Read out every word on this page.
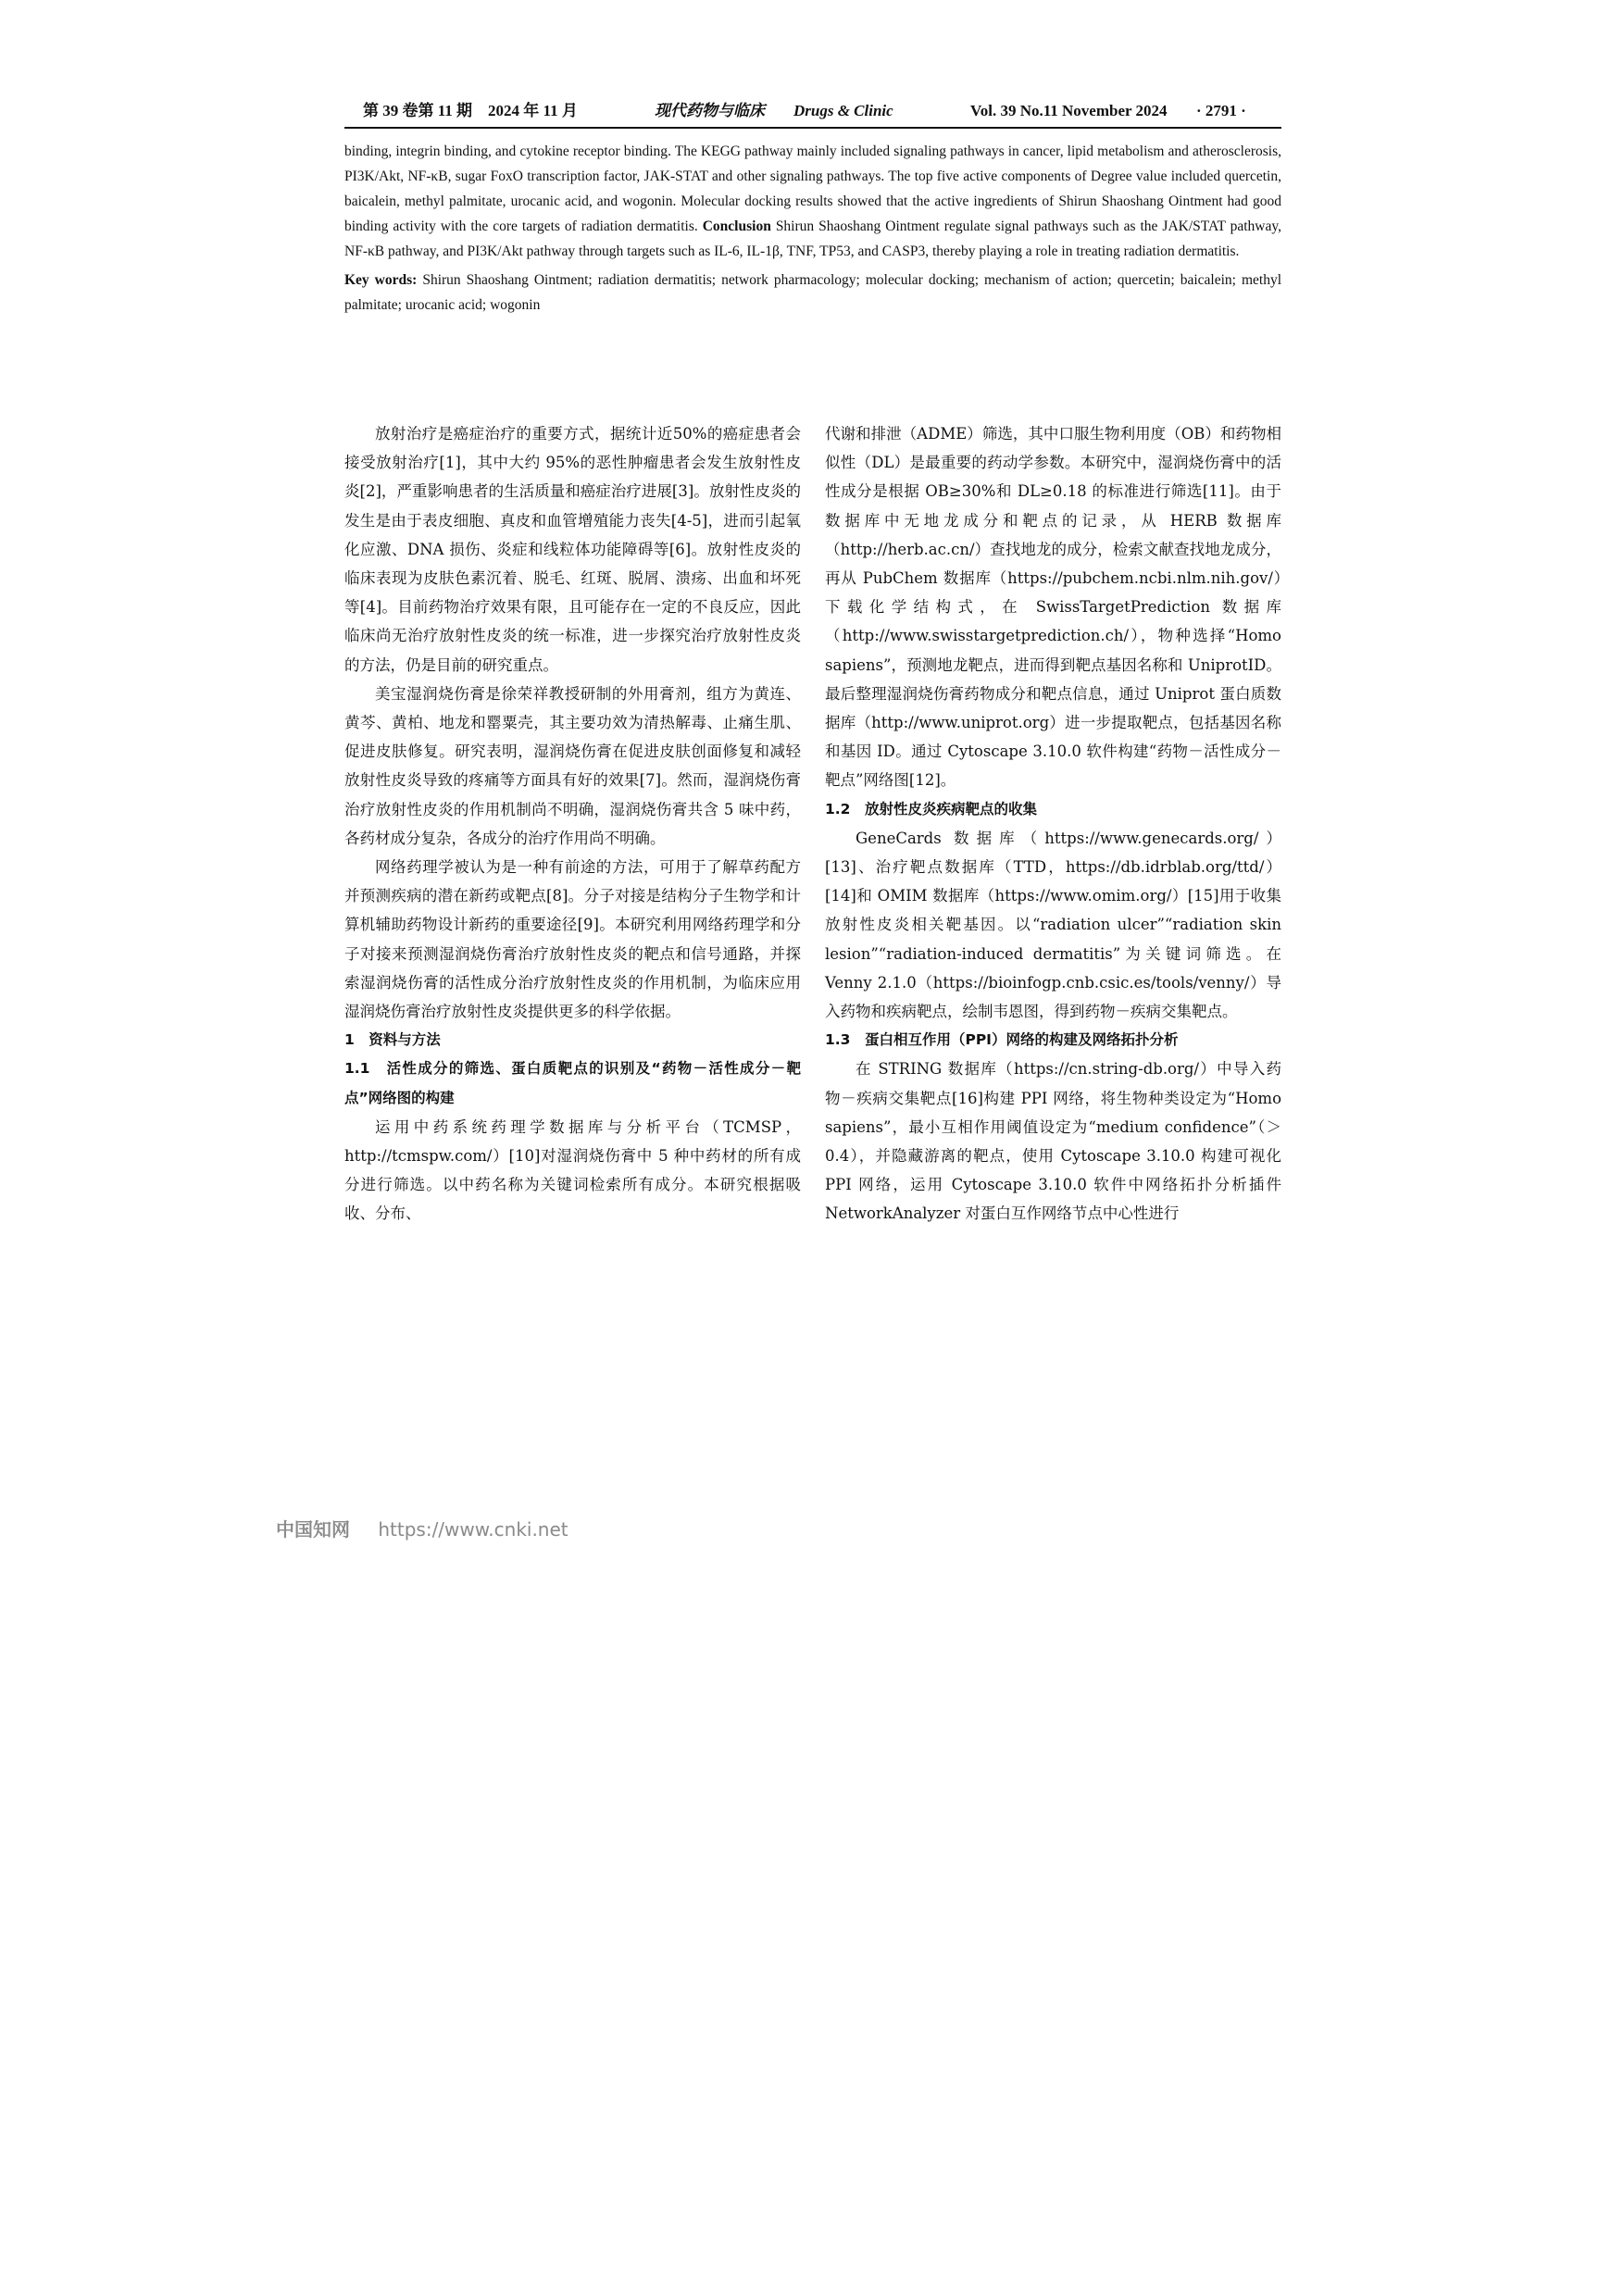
第 39 卷第 11 期　2024 年 11 月	现代药物与临床 Drugs & Clinic	Vol. 39 No.11 November 2024 · 2791 ·

binding, integrin binding, and cytokine receptor binding. The KEGG pathway mainly included signaling pathways in cancer, lipid metabolism and atherosclerosis, PI3K/Akt, NF-κB, sugar FoxO transcription factor, JAK-STAT and other signaling pathways. The top five active components of Degree value included quercetin, baicalein, methyl palmitate, urocanic acid, and wogonin. Molecular docking results showed that the active ingredients of Shirun Shaoshang Ointment had good binding activity with the core targets of radiation dermatitis. Conclusion Shirun Shaoshang Ointment regulate signal pathways such as the JAK/STAT pathway, NF-κB pathway, and PI3K/Akt pathway through targets such as IL-6, IL-1β, TNF, TP53, and CASP3, thereby playing a role in treating radiation dermatitis.

Key words: Shirun Shaoshang Ointment; radiation dermatitis; network pharmacology; molecular docking; mechanism of action; quercetin; baicalein; methyl palmitate; urocanic acid; wogonin

放射治疗是癌症治疗的重要方式，据统计近50%的癌症患者会接受放射治疗[1]，其中大约 95%的恶性肿瘤患者会发生放射性皮炎[2]，严重影响患者的生活质量和癌症治疗进展[3]。放射性皮炎的发生是由于表皮细胞、真皮和血管增殖能力丧失[4-5]，进而引起氧化应激、DNA 损伤、炎症和线粒体功能障碍等[6]。放射性皮炎的临床表现为皮肤色素沉着、脱毛、红斑、脱屑、溃疡、出血和坏死等[4]。目前药物治疗效果有限，且可能存在一定的不良反应，因此临床尚无治疗放射性皮炎的统一标准，进一步探究治疗放射性皮炎的方法，仍是目前的研究重点。

美宝湿润烧伤膏是徐荣祥教授研制的外用膏剂，组方为黄连、黄芩、黄柏、地龙和罂粟壳，其主要功效为清热解毒、止痛生肌、促进皮肤修复。研究表明，湿润烧伤膏在促进皮肤创面修复和减轻放射性皮炎导致的疼痛等方面具有好的效果[7]。然而，湿润烧伤膏治疗放射性皮炎的作用机制尚不明确，湿润烧伤膏共含 5 味中药，各药材成分复杂，各成分的治疗作用尚不明确。

网络药理学被认为是一种有前途的方法，可用于了解草药配方并预测疾病的潜在新药或靶点[8]。分子对接是结构分子生物学和计算机辅助药物设计新药的重要途径[9]。本研究利用网络药理学和分子对接来预测湿润烧伤膏治疗放射性皮炎的靶点和信号通路，并探索湿润烧伤膏的活性成分治疗放射性皮炎的作用机制，为临床应用湿润烧伤膏治疗放射性皮炎提供更多的科学依据。

1　资料与方法

1.1　活性成分的筛选、蛋白质靶点的识别及“药物－活性成分－靶点”网络图的构建

运用中药系统药理学数据库与分析平台（TCMSP，http://tcmspw.com/）[10]对湿润烧伤膏中 5 种中药材的所有成分进行筛选。以中药名称为关键词检索所有成分。本研究根据吸收、分布、

代谢和排泄（ADME）筛选，其中口服生物利用度（OB）和药物相似性（DL）是最重要的药动学参数。本研究中，湿润烧伤膏中的活性成分是根据 OB≥30%和 DL≥0.18 的标准进行筛选[11]。由于数据库中无地龙成分和靶点的记录，从 HERB 数据库（http://herb.ac.cn/）查找地龙的成分，检索文献查找地龙成分，再从 PubChem 数据库（https://pubchem.ncbi.nlm.nih.gov/）下载化学结构式，在 SwissTargetPrediction 数据库（http://www.swisstargetprediction.ch/），物种选择“Homo sapiens”，预测地龙靶点，进而得到靶点基因名称和 UniprotID。最后整理湿润烧伤膏药物成分和靶点信息，通过 Uniprot 蛋白质数据库（http://www.uniprot.org）进一步提取靶点，包括基因名称和基因 ID。通过 Cytoscape 3.10.0 软件构建“药物－活性成分－靶点”网络图[12]。

1.2　放射性皮炎疾病靶点的收集

GeneCards 数据库（https://www.genecards.org/）[13]、治疗靶点数据库（TTD，https://db.idrblab.org/ttd/）[14]和 OMIM 数据库（https://www.omim.org/）[15]用于收集放射性皮炎相关靶基因。以“radiation ulcer”“radiation skin lesion”“radiation-induced dermatitis”为关键词筛选。在 Venny 2.1.0（https://bioinfogp.cnb.csic.es/tools/venny/）导入药物和疾病靶点，绘制韦恩图，得到药物－疾病交集靶点。

1.3　蛋白相互作用（PPI）网络的构建及网络拓扑分析

在 STRING 数据库（https://cn.string-db.org/）中导入药物－疾病交集靶点[16]构建 PPI 网络，将生物种类设定为“Homo sapiens”，最小互相作用阈值设定为“medium confidence”（＞0.4），并隐藏游离的靶点，使用 Cytoscape 3.10.0 构建可视化 PPI 网络，运用 Cytoscape 3.10.0 软件中网络拓扑分析插件 NetworkAnalyzer 对蛋白互作网络节点中心性进行

中国知网 https://www.cnki.net
